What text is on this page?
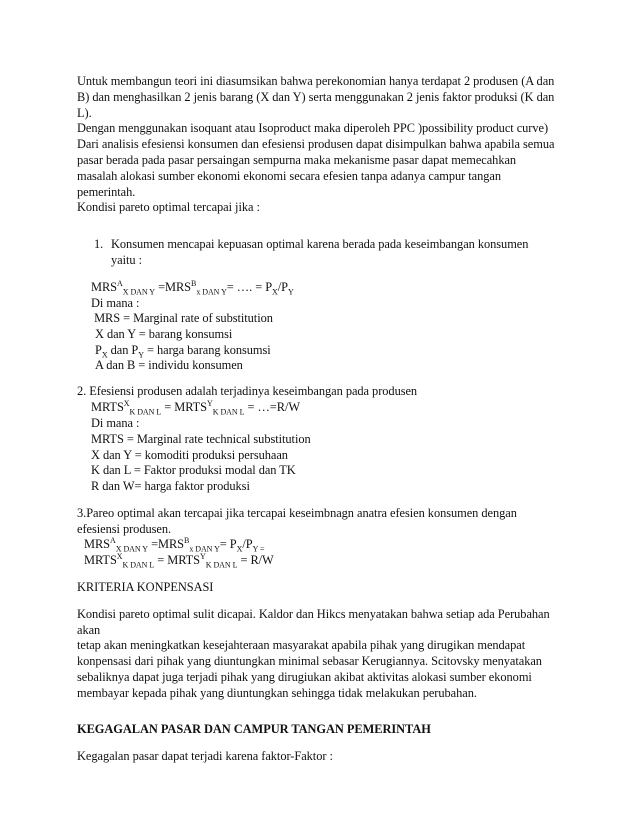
Untuk membangun teori ini diasumsikan bahwa perekonomian hanya terdapat 2 produsen (A dan
B) dan menghasilkan 2 jenis barang (X dan Y) serta menggunakan 2 jenis faktor produksi (K dan
L).
Dengan menggunakan isoquant atau Isoproduct maka diperoleh PPC )possibility product curve)
Dari analisis efesiensi konsumen dan efesiensi produsen dapat disimpulkan bahwa apabila semua
pasar berada pada pasar persaingan sempurna maka mekanisme pasar dapat memecahkan
masalah alokasi sumber ekonomi ekonomi secara efesien tanpa adanya campur tangan
pemerintah.
Kondisi pareto optimal tercapai jika :
1. Konsumen mencapai kepuasan optimal karena berada pada keseimbangan konsumen
yaitu :
$MRS^A_{X DAN Y} =MRS^B_{x DAN Y}=$ …. = $P_X/P_Y$
Di mana :
MRS = Marginal rate of substitution
X dan Y = barang konsumsi
$P_X$ dan $P_Y$ = harga barang konsumsi
A dan B = individu konsumen
2. Efesiensi produsen adalah terjadinya keseimbangan pada produsen
$MRTS^X_{K DAN L}$ = $MRTS^Y_{K DAN L}$ = …=R/W
Di mana :
MRTS = Marginal rate technical substitution
X dan Y = komoditi produksi persuhaan
K dan L = Faktor produksi modal dan TK
R dan W= harga faktor produksi
3.Pareo optimal akan tercapai jika tercapai keseimbnagn anatra efesien konsumen dengan
efesiensi produsen.
$MRS^A_{X DAN Y} =MRS^B_{x DAN Y}= P_X/P_{Y =}$
$MRTS^X_{K DAN L}$ = $MRTS^Y_{K DAN L} = R/W$
KRITERIA KONPENSASI
Kondisi pareto optimal sulit dicapai. Kaldor dan Hikcs menyatakan bahwa setiap ada Perubahan
akan
tetap akan meningkatkan kesejahteraan masyarakat apabila pihak yang dirugikan mendapat
konpensasi dari pihak yang diuntungkan minimal sebasar Kerugiannya. Scitovsky menyatakan
sebaliknya dapat juga terjadi pihak yang dirugiukan akibat aktivitas alokasi sumber ekonomi
membayar kepada pihak yang diuntungkan sehingga tidak melakukan perubahan.
KEGAGALAN PASAR DAN CAMPUR TANGAN PEMERINTAH
Kegagalan pasar dapat terjadi karena faktor-Faktor :
